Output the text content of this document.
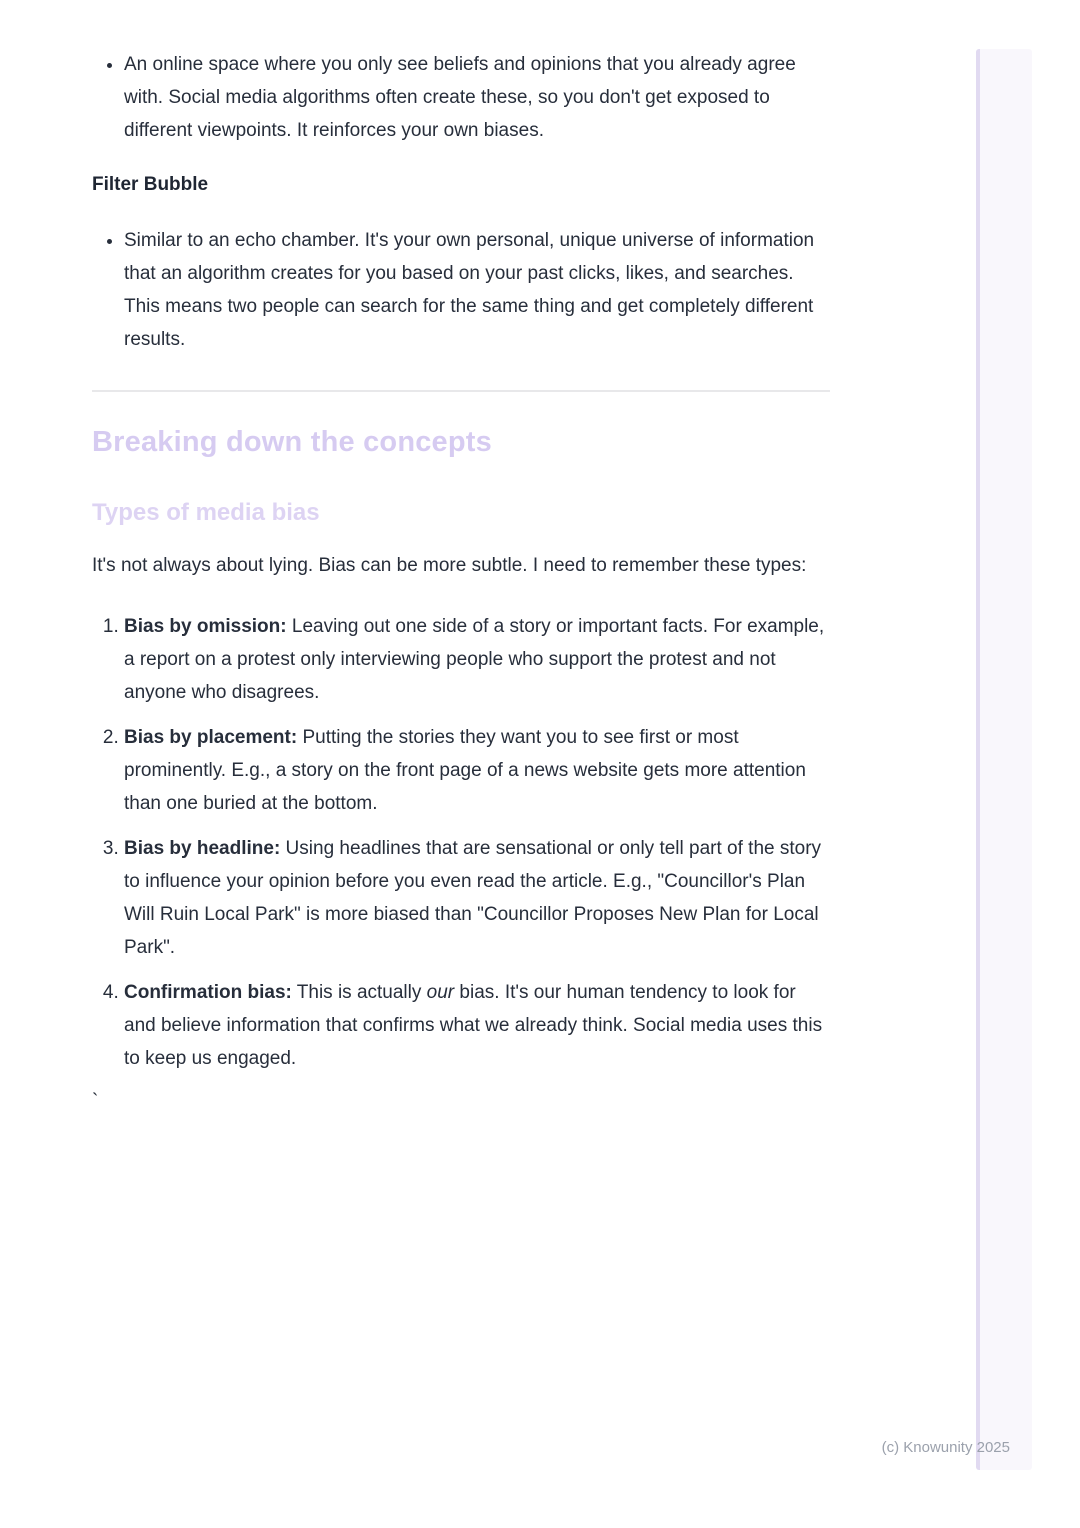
• An online space where you only see beliefs and opinions that you already agree with. Social media algorithms often create these, so you don't get exposed to different viewpoints. It reinforces your own biases.
Filter Bubble
• Similar to an echo chamber. It's your own personal, unique universe of information that an algorithm creates for you based on your past clicks, likes, and searches. This means two people can search for the same thing and get completely different results.
Breaking down the concepts
Types of media bias

It's not always about lying. Bias can be more subtle. I need to remember these types:

1. Bias by omission: Leaving out one side of a story or important facts. For example, a report on a protest only interviewing people who support the protest and not anyone who disagrees.
2. Bias by placement: Putting the stories they want you to see first or most prominently. E.g., a story on the front page of a news website gets more attention than one buried at the bottom.
3. Bias by headline: Using headlines that are sensational or only tell part of the story to influence your opinion before you even read the article. E.g., "Councillor's Plan Will Ruin Local Park" is more biased than "Councillor Proposes New Plan for Local Park".
4. Confirmation bias: This is actually our bias. It's our human tendency to look for and believe information that confirms what we already think. Social media uses this to keep us engaged.
`
(c) Knowunity 2025
